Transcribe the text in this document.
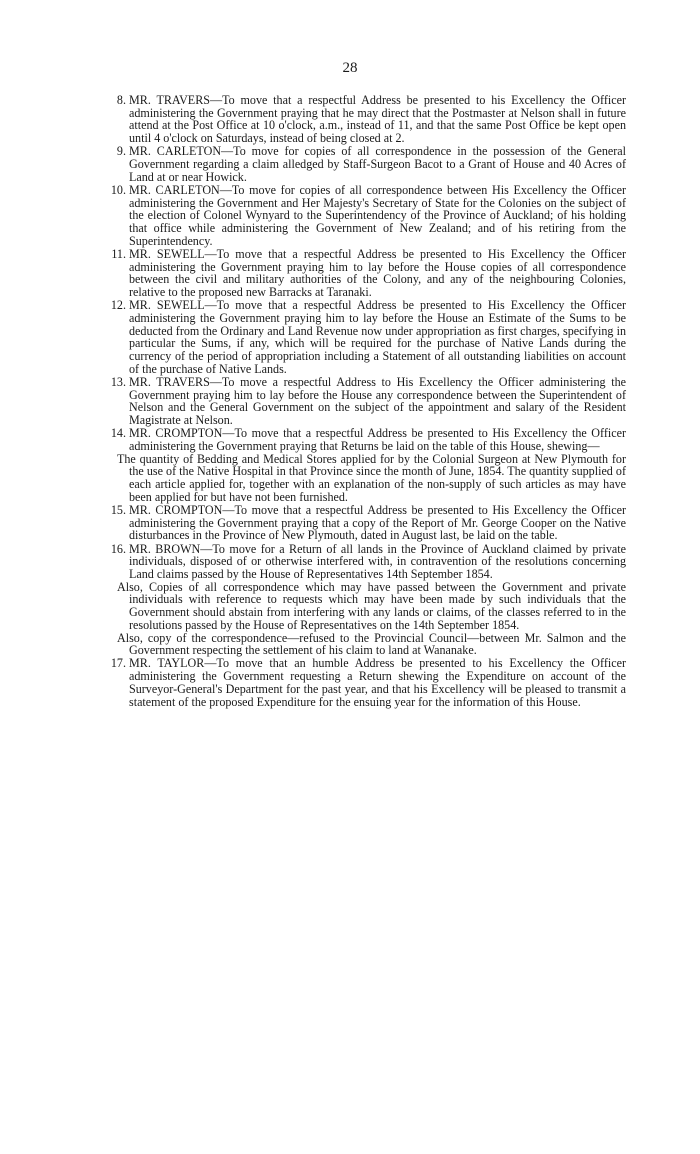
28
8. MR. TRAVERS—To move that a respectful Address be presented to his Excellency the Officer administering the Government praying that he may direct that the Postmaster at Nelson shall in future attend at the Post Office at 10 o'clock, a.m., instead of 11, and that the same Post Office be kept open until 4 o'clock on Saturdays, instead of being closed at 2.
9. MR. CARLETON—To move for copies of all correspondence in the possession of the General Government regarding a claim alledged by Staff-Surgeon Bacot to a Grant of House and 40 Acres of Land at or near Howick.
10. MR. CARLETON—To move for copies of all correspondence between His Excellency the Officer administering the Government and Her Majesty's Secretary of State for the Colonies on the subject of the election of Colonel Wynyard to the Superintendency of the Province of Auckland; of his holding that office while administering the Government of New Zealand; and of his retiring from the Superintendency.
11. MR. SEWELL—To move that a respectful Address be presented to His Excellency the Officer administering the Government praying him to lay before the House copies of all correspondence between the civil and military authorities of the Colony, and any of the neighbouring Colonies, relative to the proposed new Barracks at Taranaki.
12. MR. SEWELL—To move that a respectful Address be presented to His Excellency the Officer administering the Government praying him to lay before the House an Estimate of the Sums to be deducted from the Ordinary and Land Revenue now under appropriation as first charges, specifying in particular the Sums, if any, which will be required for the purchase of Native Lands during the currency of the period of appropriation including a Statement of all outstanding liabilities on account of the purchase of Native Lands.
13. MR. TRAVERS—To move a respectful Address to His Excellency the Officer administering the Government praying him to lay before the House any correspondence between the Superintendent of Nelson and the General Government on the subject of the appointment and salary of the Resident Magistrate at Nelson.
14. MR. CROMPTON—To move that a respectful Address be presented to His Excellency the Officer administering the Government praying that Returns be laid on the table of this House, shewing—
The quantity of Bedding and Medical Stores applied for by the Colonial Surgeon at New Plymouth for the use of the Native Hospital in that Province since the month of June, 1854. The quantity supplied of each article applied for, together with an explanation of the non-supply of such articles as may have been applied for but have not been furnished.
15. MR. CROMPTON—To move that a respectful Address be presented to His Excellency the Officer administering the Government praying that a copy of the Report of Mr. George Cooper on the Native disturbances in the Province of New Plymouth, dated in August last, be laid on the table.
16. MR. BROWN—To move for a Return of all lands in the Province of Auckland claimed by private individuals, disposed of or otherwise interfered with, in contravention of the resolutions concerning Land claims passed by the House of Representatives 14th September 1854.
Also, Copies of all correspondence which may have passed between the Government and private individuals with reference to requests which may have been made by such individuals that the Government should abstain from interfering with any lands or claims, of the classes referred to in the resolutions passed by the House of Representatives on the 14th September 1854.
Also, copy of the correspondence—refused to the Provincial Council—between Mr. Salmon and the Government respecting the settlement of his claim to land at Wananake.
17. MR. TAYLOR—To move that an humble Address be presented to his Excellency the Officer administering the Government requesting a Return shewing the Expenditure on account of the Surveyor-General's Department for the past year, and that his Excellency will be pleased to transmit a statement of the proposed Expenditure for the ensuing year for the information of this House.
